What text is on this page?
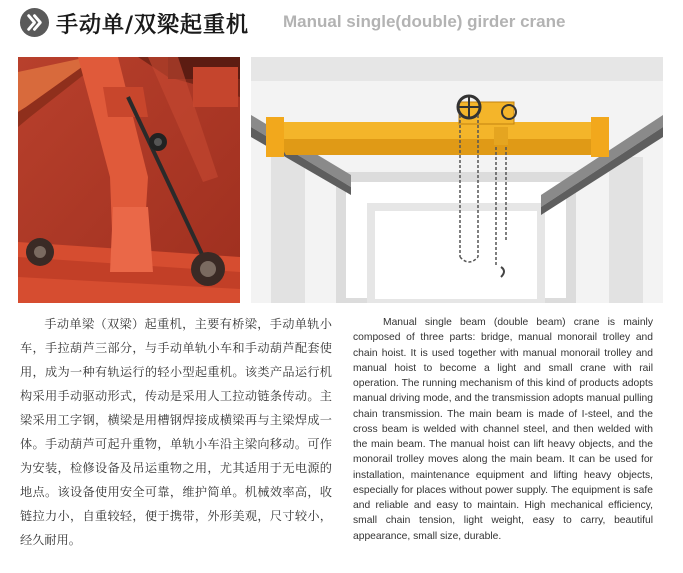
手动单/双梁起重机 Manual single(double) girder crane
手动单梁（双梁）起重机，主要有桥梁，手动单轨小车，手拉葫芦三部分，与手动单轨小车和手动葫芦配套使用，成为一种有轨运行的轻小型起重机。该类产品运行机构采用手动驱动形式，传动是采用人工拉动链条传动。主梁采用工字钢，横梁是用槽钢焊接成横梁再与主梁焊成一体。手动葫芦可起升重物，单轨小车沿主梁向移动。可作为安装，检修设备及吊运重物之用，尤其适用于无电源的地点。该设备使用安全可靠，维护简单。机械效率高，收链拉力小，自重较轻，便于携带，外形美观，尺寸较小，经久耐用。
Manual single beam (double beam) crane is mainly composed of three parts: bridge, manual monorail trolley and chain hoist. It is used together with manual monorail trolley and manual hoist to become a light and small crane with rail operation. The running mechanism of this kind of products adopts manual driving mode, and the transmission adopts manual pulling chain transmission. The main beam is made of I-steel, and the cross beam is welded with channel steel, and then welded with the main beam. The manual hoist can lift heavy objects, and the monorail trolley moves along the main beam. It can be used for installation, maintenance equipment and lifting heavy objects, especially for places without power supply. The equipment is safe and reliable and easy to maintain. High mechanical efficiency, small chain tension, light weight, easy to carry, beautiful appearance, small size, durable.
